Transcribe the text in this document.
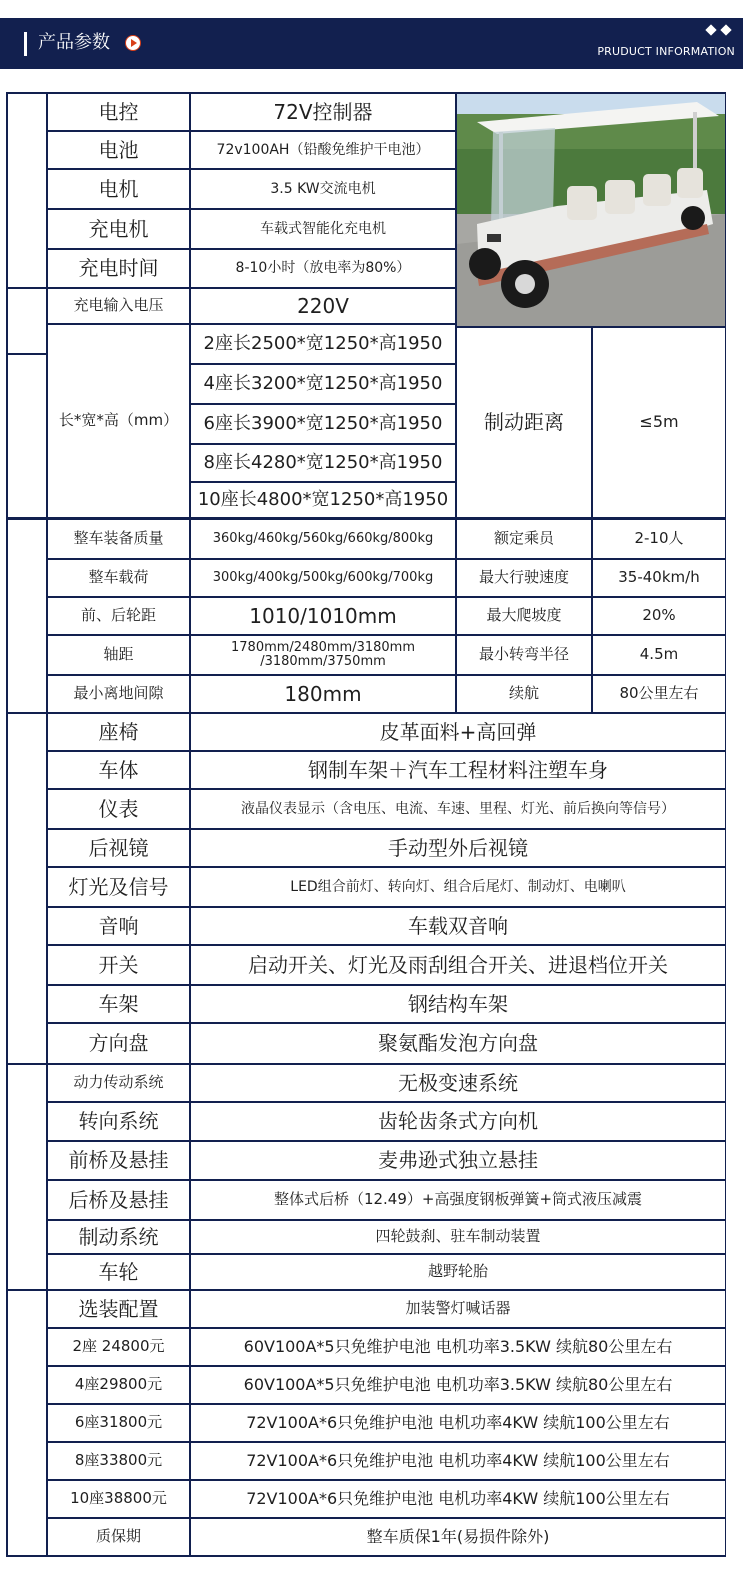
产品参数	PRUDUCT INFORMATION
电控	72V控制器
电池	72v100AH（铅酸免维护干电池）
电机	3.5 KW交流电机
充电机	车载式智能化充电机
充电时间	8-10小时（放电率为80%）
充电输入电压	220V
长*宽*高（mm）
2座长2500*宽1250*高1950
4座长3200*宽1250*高1950
6座长3900*宽1250*高1950
8座长4280*宽1250*高1950
10座长4800*宽1250*高1950
制动距离	≤5m
整车装备质量	360kg/460kg/560kg/660kg/800kg	额定乘员	2-10人
整车载荷	300kg/400kg/500kg/600kg/700kg	最大行驶速度	35-40km/h
前、后轮距	1010/1010mm	最大爬坡度	20%
轴距	1780mm/2480mm/3180mm /3180mm/3750mm	最小转弯半径	4.5m
最小离地间隙	180mm	续航	80公里左右
座椅	皮革面料+高回弹
车体	钢制车架＋汽车工程材料注塑车身
仪表	液晶仪表显示（含电压、电流、车速、里程、灯光、前后换向等信号）
后视镜	手动型外后视镜
灯光及信号	LED组合前灯、转向灯、组合后尾灯、制动灯、电喇叭
音响	车载双音响
开关	启动开关、灯光及雨刮组合开关、进退档位开关
车架	钢结构车架
方向盘	聚氨酯发泡方向盘
动力传动系统	无极变速系统
转向系统	齿轮齿条式方向机
前桥及悬挂	麦弗逊式独立悬挂
后桥及悬挂	整体式后桥（12.49）+高强度钢板弹簧+筒式液压减震
制动系统	四轮鼓刹、驻车制动装置
车轮	越野轮胎
选装配置	加装警灯喊话器
2座 24800元	60V100A*5只免维护电池 电机功率3.5KW 续航80公里左右
4座29800元	60V100A*5只免维护电池 电机功率3.5KW 续航80公里左右
6座31800元	72V100A*6只免维护电池 电机功率4KW 续航100公里左右
8座33800元	72V100A*6只免维护电池 电机功率4KW 续航100公里左右
10座38800元	72V100A*6只免维护电池 电机功率4KW 续航100公里左右
质保期	整车质保1年(易损件除外)
